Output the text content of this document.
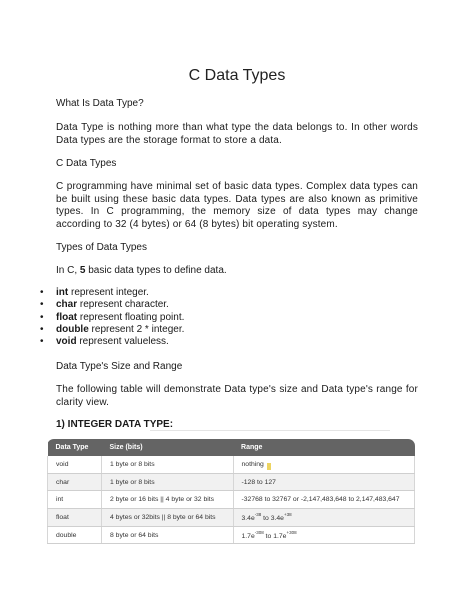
C Data Types
What Is Data Type?
Data Type is nothing more than what type the data belongs to. In other words Data types are the storage format to store a data.
C Data Types
C programming have minimal set of basic data types. Complex data types can be built using these basic data types. Data types are also known as primitive types. In C programming, the memory size of data types may change according to 32 (4 bytes) or 64 (8 bytes) bit operating system.
Types of Data Types
In C, 5 basic data types to define data.
• int represent integer.
• char represent character.
• float represent floating point.
• double represent 2 * integer.
• void represent valueless.
Data Type's Size and Range
The following table will demonstrate Data type's size and Data type's range for clarity view.
1) INTEGER DATA TYPE:
Data Type	Size (bits)	Range
void	1 byte or 8 bits	nothing
char	1 byte or 8 bits	-128 to 127
int	2 byte or 16 bits || 4 byte or 32 bits	-32768 to 32767 or -2,147,483,648 to 2,147,483,647
float	4 bytes or 32bits || 8 byte or 64 bits	$3.4e^{-38}$ to $3.4e^{+38}$
double	8 byte or 64 bits	$1.7e^{-308}$ to $1.7e^{+308}$
